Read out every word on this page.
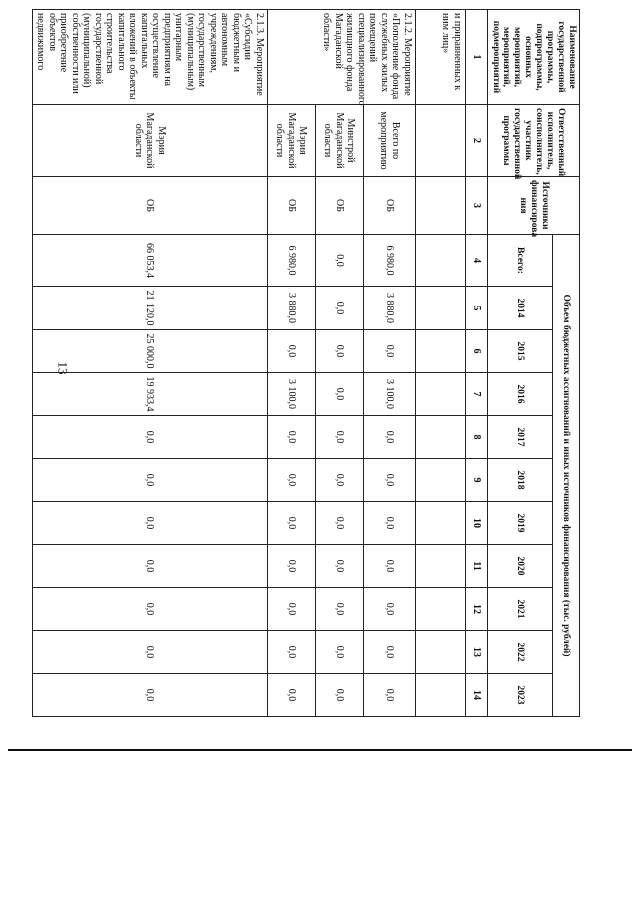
13
Наименование государственной программы, подпрограммы, основных мероприятий, мероприятий, подмероприятий	Ответственный исполнитель, соисполнитель, участник государственной программы	Источники финансирова ния	Объем бюджетных ассигнований и иных источников финансирования (тыс. рублей)										
			Всего:	2014	2015	2016	2017	2018	2019	2020	2021	2022	2023
1	2	3	4	5	6	7	8	9	10	11	12	13	14
и приравненных к ним лиц»													
2.1.2. Мероприятие «Пополнение фонда служебных жилых помещений специализированного жилищного фонда Магаданской области»	Всего по мероприятию	ОБ	6 980,0	3 880,0	0,0	3 100,0	0,0	0,0	0,0	0,0	0,0	0,0	0,0
	Минстрой Магаданской области	ОБ	0,0	0,0	0,0	0,0	0,0	0,0	0,0	0,0	0,0	0,0	0,0
	Мэрия Магаданской области	ОБ	6 980,0	3 880,0	0,0	3 100,0	0,0	0,0	0,0	0,0	0,0	0,0	0,0
2.1.3. Мероприятие «Субсидии бюджетным и автономным учреждениям, государственным (муниципальным) унитарным предприятиям на осуществление капитальных вложений в объекты капитального строительства государственной (муниципальной) собственности или приобретение объектов недвижимого	Мэрия Магаданской области	ОБ	66 053,4	21 120,0	25 000,0	19 933,4	0,0	0,0	0,0	0,0	0,0	0,0	0,0
